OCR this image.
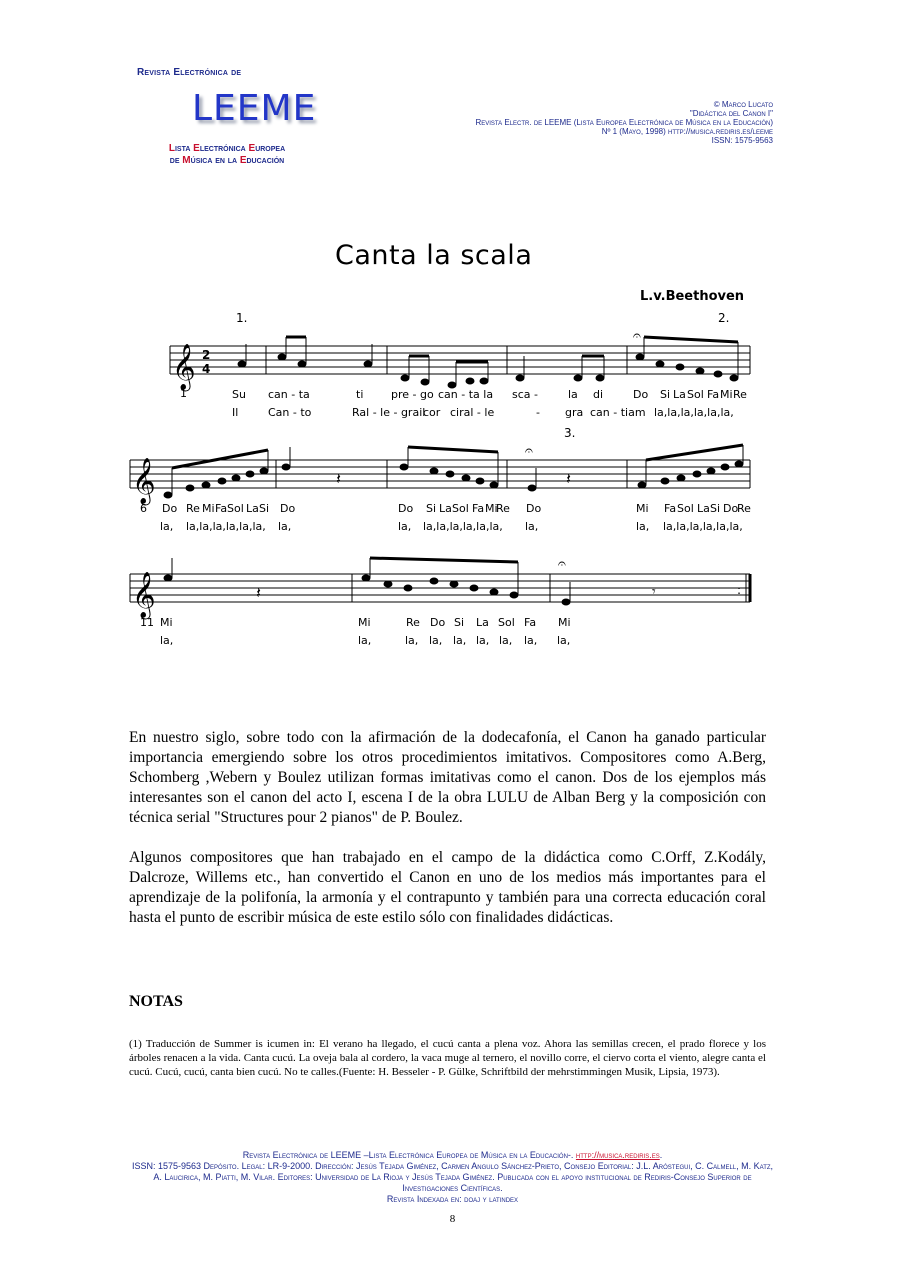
Revista Electrónica de
LEEME
Lista Electrónica Europea
de Música en la Educación
© Marco Lucato
"Didáctica del Canon I"
Revista Electr. de LEEME (Lista Europea Electrónica de Música en la Educación)
Nº 1 (Mayo, 1998) http://musica.rediris.es/leeme
ISSN: 1575-9563
Canta la scala
L.v.Beethoven
𝄞 2
4
𝄐
1.	2.
1	Su can - ta	ti	pre - go can - ta la sca -	la di	Do Si La Sol Fa Mi Re
Il	Can - to	Ral - le - grail
cor ciral - le	- gra can - tiam la,la,la,la,la,la,
3.
𝄞	𝄽	𝄽
𝄐
6 Do Re Mi Fa Sol La Si Do	Do Si La Sol Fa Mi
Re Do	Mi Fa Sol La Si Do
Re
la, la,la,la,la,la,la, la,	la, la,la,la,la,la,la, la,	la, la,la,la,la,la,la,
:
𝄞	𝄽	𝄾
𝄐
11 Mi	Mi	Re Do Si La Sol Fa Mi
la,	la,	la, la, la, la, la, la, la,

En nuestro siglo, sobre todo con la afirmación de la dodecafonía, el Canon ha ganado particular importancia emergiendo sobre los otros procedimientos imitativos. Compositores como A.Berg, Schomberg ,Webern y Boulez utilizan formas imitativas como el canon. Dos de los ejemplos más interesantes son el canon del acto I, escena I de la obra LULU de Alban Berg y la composición con técnica serial "Structures pour 2 pianos" de P. Boulez.

Algunos compositores que han trabajado en el campo de la didáctica como C.Orff, Z.Kodály, Dalcroze, Willems etc., han convertido el Canon en uno de los medios más importantes para el aprendizaje de la polifonía, la armonía y el contrapunto y también para una correcta educación coral hasta el punto de escribir música de este estilo sólo con finalidades didácticas.

NOTAS

(1) Traducción de Summer is icumen in: El verano ha llegado, el cucú canta a plena voz. Ahora las semillas crecen, el prado florece y los árboles renacen a la vida. Canta cucú. La oveja bala al cordero, la vaca muge al ternero, el novillo corre, el ciervo corta el viento, alegre canta el cucú. Cucú, cucú, canta bien cucú. No te calles.(Fuente: H. Besseler - P. Gülke, Schriftbild der mehrstimmingen Musik, Lipsia, 1973).

Revista Electrónica de LEEME –Lista Electrónica Europea de Música en la Educación-. http://musica.rediris.es.
ISSN: 1575-9563 Depósito. Legal: LR-9-2000. Dirección: Jesús Tejada Giménez, Carmen Angulo Sánchez-Prieto, Consejo Editorial: J.L. Aróstegui, C. Calmell, M. Katz, A. Laucirica, M. Piatti, M. Vilar. Editores: Universidad de La Rioja y Jesús Tejada Giménez. Publicada con el apoyo institucional de Rediris-Consejo Superior de Investigaciones Científicas.
Revista Indexada en: doaj y latindex
8
